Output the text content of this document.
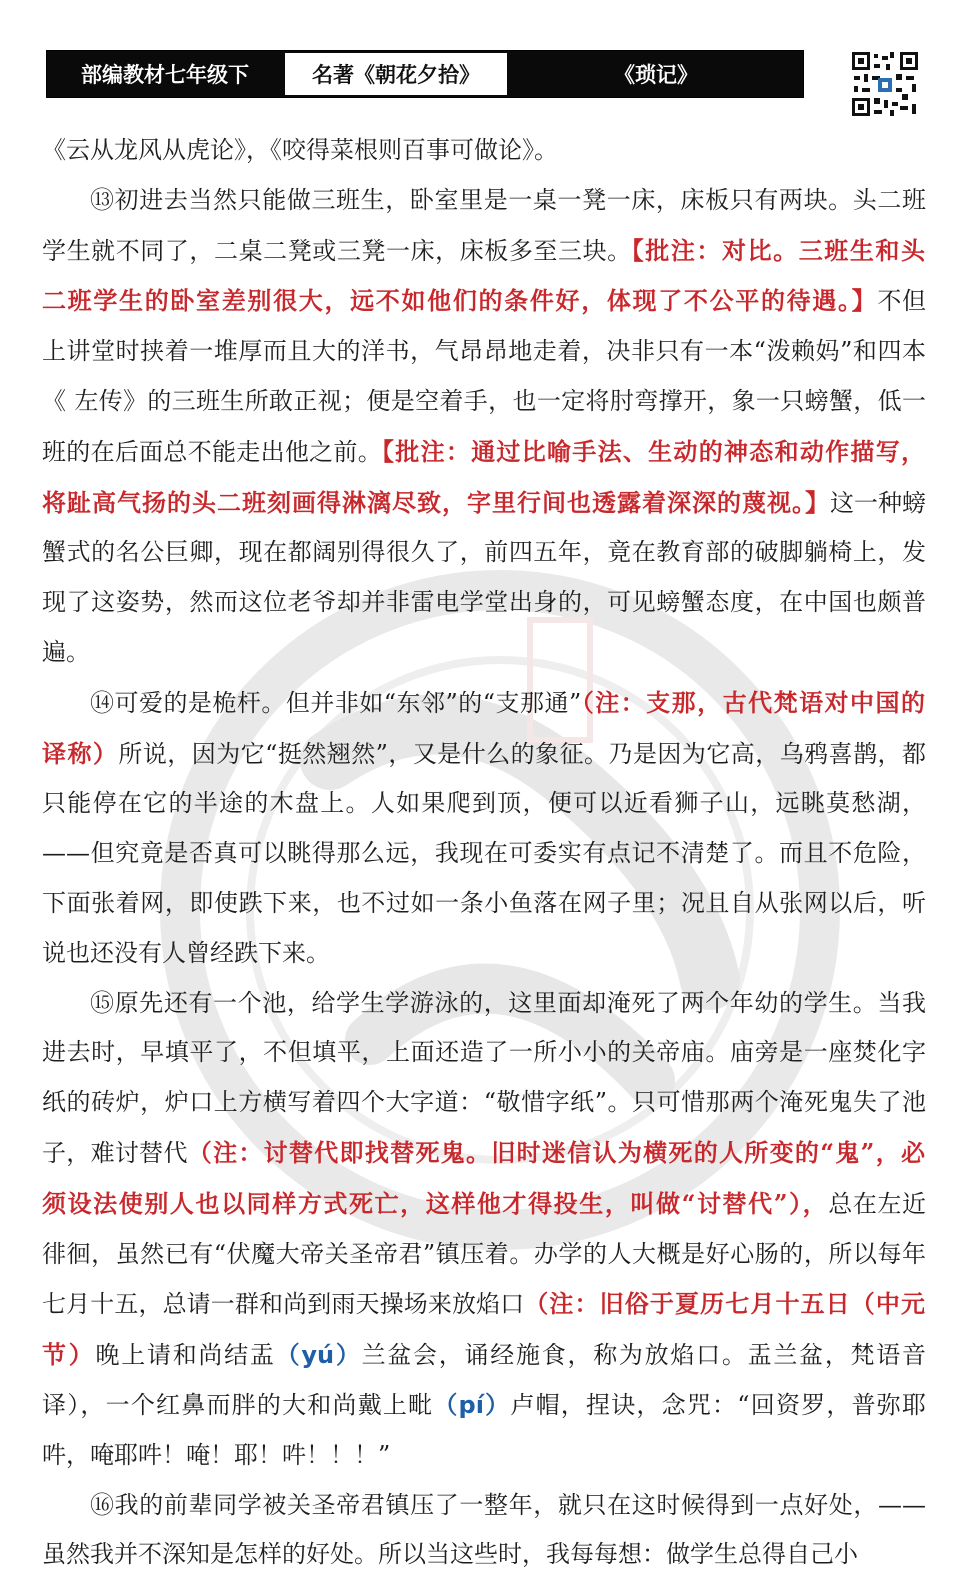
部编教材七年级下	名著《朝花夕拾》	《琐记》

《云从龙风从虎论》，《咬得菜根则百事可做论》。

⑬初进去当然只能做三班生，卧室里是一桌一凳一床，床板只有两块。头二班学生就不同了，二桌二凳或三凳一床，床板多至三块。【批注：对比。三班生和头二班学生的卧室差别很大，远不如他们的条件好，体现了不公平的待遇。】不但上讲堂时挟着一堆厚而且大的洋书，气昂昂地走着，决非只有一本“泼赖妈”和四本《 左传》的三班生所敢正视；便是空着手，也一定将肘弯撑开，象一只螃蟹，低一班的在后面总不能走出他之前。【批注：通过比喻手法、生动的神态和动作描写，将趾高气扬的头二班刻画得淋漓尽致，字里行间也透露着深深的蔑视。】这一种螃蟹式的名公巨卿，现在都阔别得很久了，前四五年，竟在教育部的破脚躺椅上，发现了这姿势，然而这位老爷却并非雷电学堂出身的，可见螃蟹态度，在中国也颇普遍。

⑭可爱的是桅杆。但并非如“东邻”的“支那通”（注：支那，古代梵语对中国的译称）所说，因为它“挺然翘然”，又是什么的象征。乃是因为它高，乌鸦喜鹊，都只能停在它的半途的木盘上。人如果爬到顶，便可以近看狮子山，远眺莫愁湖，——但究竟是否真可以眺得那么远，我现在可委实有点记不清楚了。而且不危险，下面张着网，即使跌下来，也不过如一条小鱼落在网子里；况且自从张网以后，听说也还没有人曾经跌下来。

⑮原先还有一个池，给学生学游泳的，这里面却淹死了两个年幼的学生。当我进去时，早填平了，不但填平，上面还造了一所小小的关帝庙。庙旁是一座焚化字纸的砖炉，炉口上方横写着四个大字道：“敬惜字纸”。只可惜那两个淹死鬼失了池子，难讨替代（注：讨替代即找替死鬼。旧时迷信认为横死的人所变的“鬼”，必须设法使别人也以同样方式死亡，这样他才得投生，叫做“讨替代”），总在左近徘徊，虽然已有“伏魔大帝关圣帝君”镇压着。办学的人大概是好心肠的，所以每年七月十五，总请一群和尚到雨天操场来放焰口（注：旧俗于夏历七月十五日（中元节）晚上请和尚结盂（yú）兰盆会，诵经施食，称为放焰口。盂兰盆，梵语音译），一个红鼻而胖的大和尚戴上毗（pí）卢帽，捏诀，念咒：“回资罗，普弥耶吽，唵耶吽！唵！耶！吽！！！”

⑯我的前辈同学被关圣帝君镇压了一整年，就只在这时候得到一点好处，——虽然我并不深知是怎样的好处。所以当这些时，我每每想：做学生总得自己小
